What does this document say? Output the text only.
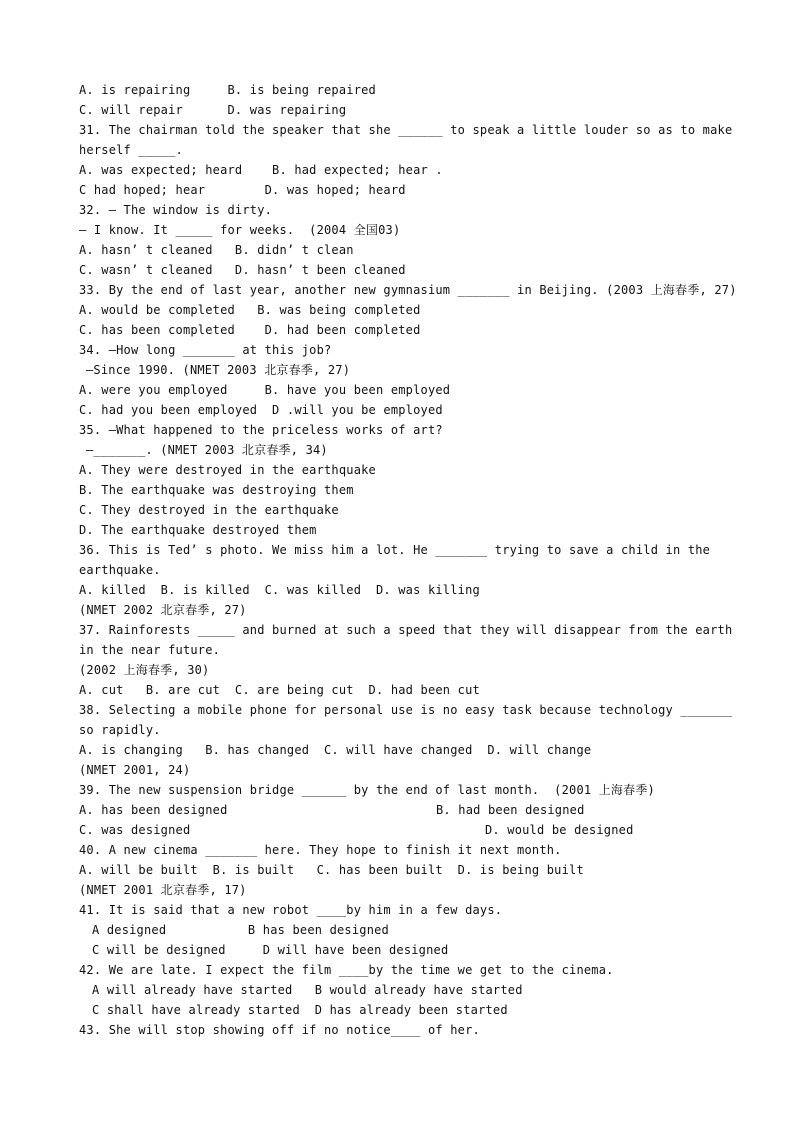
A. is repairing     B. is being repaired
C. will repair      D. was repairing
31. The chairman told the speaker that she ______ to speak a little louder so as to make
herself _____.
A. was expected; heard    B. had expected; hear .
C had hoped; hear        D. was hoped; heard
32. — The window is dirty.
— I know. It _____ for weeks.  (2004 全国03)
A. hasn’ t cleaned   B. didn’ t clean
C. wasn’ t cleaned   D. hasn’ t been cleaned
33. By the end of last year, another new gymnasium _______ in Beijing. (2003 上海春季, 27)
A. would be completed   B. was being completed
C. has been completed    D. had been completed
34. —How long _______ at this job?
—Since 1990. (NMET 2003 北京春季, 27)
A. were you employed     B. have you been employed
C. had you been employed  D .will you be employed
35. —What happened to the priceless works of art?
—_______. (NMET 2003 北京春季, 34)
A. They were destroyed in the earthquake
B. The earthquake was destroying them
C. They destroyed in the earthquake
D. The earthquake destroyed them
36. This is Ted’ s photo. We miss him a lot. He _______ trying to save a child in the
earthquake.
A. killed  B. is killed  C. was killed  D. was killing
(NMET 2002 北京春季, 27)
37. Rainforests _____ and burned at such a speed that they will disappear from the earth
in the near future.
(2002 上海春季, 30)
A. cut   B. are cut  C. are being cut  D. had been cut
38. Selecting a mobile phone for personal use is no easy task because technology _______
so rapidly.
A. is changing   B. has changed  C. will have changed  D. will change
(NMET 2001, 24)
39. The new suspension bridge ______ by the end of last month.  (2001 上海春季)
A. has been designed	B. had been designed
C. was designed	D. would be designed
40. A new cinema _______ here. They hope to finish it next month.
A. will be built  B. is built   C. has been built  D. is being built
(NMET 2001 北京春季, 17)
41. It is said that a new robot ____by him in a few days.
A designed           B has been designed
C will be designed     D will have been designed
42. We are late. I expect the film ____by the time we get to the cinema.
A will already have started   B would already have started
C shall have already started  D has already been started
43. She will stop showing off if no notice____ of her.
